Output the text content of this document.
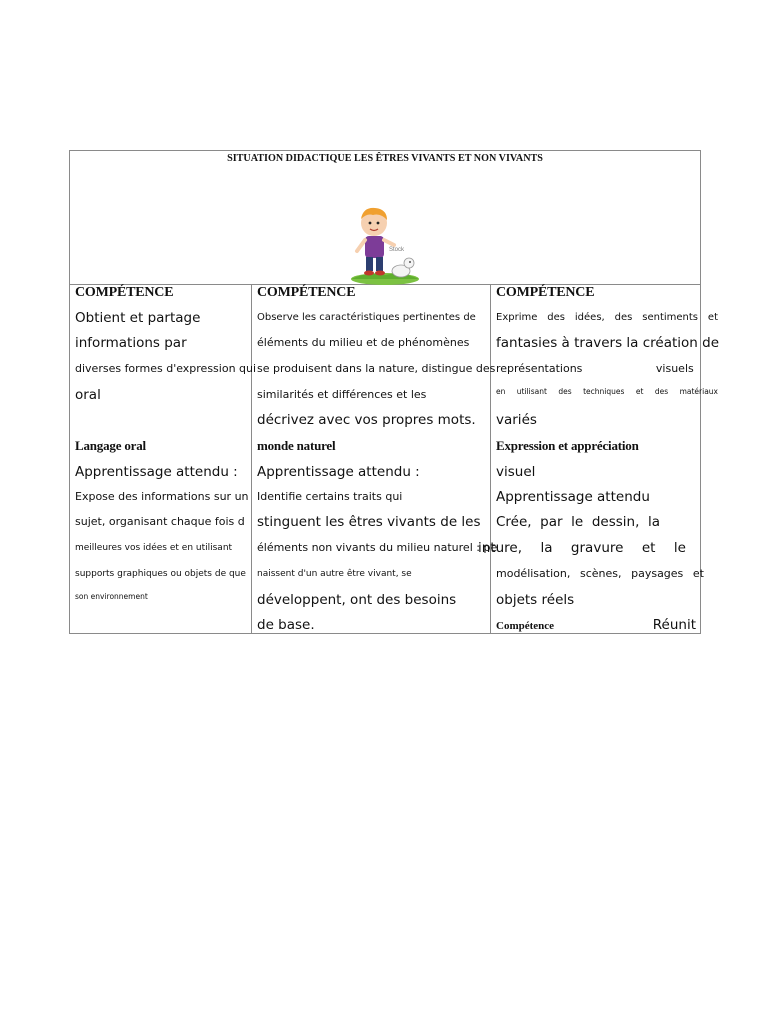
SITUATION DIDACTIQUE LES ÊTRES VIVANTS ET NON VIVANTS
Stock
COMPÉTENCE
Obtient et partage
informations par
diverses formes d'expression qui
oral
Langage oral
Apprentissage attendu :
Expose des informations sur un
sujet, organisant chaque fois d
meilleures vos idées et en utilisant
supports graphiques ou objets de que
son environnement
COMPÉTENCE
Observe les caractéristiques pertinentes de
éléments du milieu et de phénomènes
se produisent dans la nature, distingue des
similarités et différences et les
décrivez avec vos propres mots.
monde naturel
Apprentissage attendu :
Identifie certains traits qui
stinguent les êtres vivants de les
éléments non vivants du milieu naturel : pe
naissent d'un autre être vivant, se
développent, ont des besoins
de base.
COMPÉTENCE
Exprime des idées, des sentiments et
fantasies à travers la création de
représentations visuels
en utilisant des techniques et des matériaux
variés
Expression et appréciation
visuel
Apprentissage attendu
Crée, par le dessin, la
inture, la gravure et le
modélisation, scènes, paysages et
objets réels
Compétence	Réunit
